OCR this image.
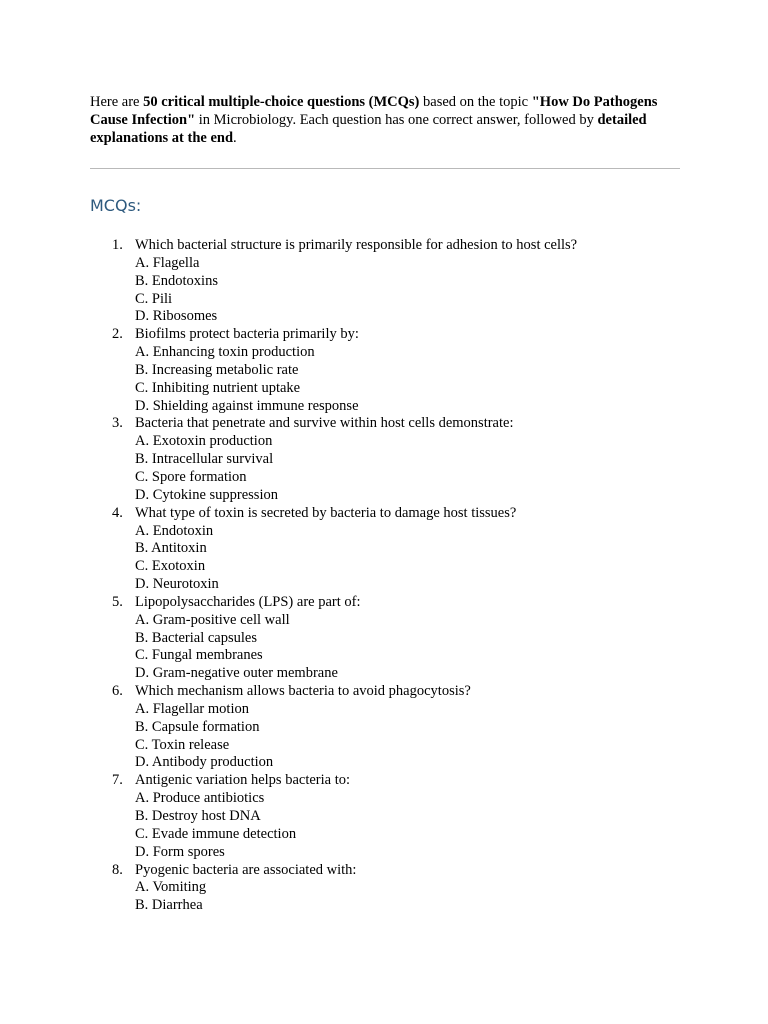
Here are 50 critical multiple-choice questions (MCQs) based on the topic "How Do Pathogens Cause Infection" in Microbiology. Each question has one correct answer, followed by detailed explanations at the end.

MCQs:
1. Which bacterial structure is primarily responsible for adhesion to host cells?
A. Flagella
B. Endotoxins
C. Pili
D. Ribosomes
2. Biofilms protect bacteria primarily by:
A. Enhancing toxin production
B. Increasing metabolic rate
C. Inhibiting nutrient uptake
D. Shielding against immune response
3. Bacteria that penetrate and survive within host cells demonstrate:
A. Exotoxin production
B. Intracellular survival
C. Spore formation
D. Cytokine suppression
4. What type of toxin is secreted by bacteria to damage host tissues?
A. Endotoxin
B. Antitoxin
C. Exotoxin
D. Neurotoxin
5. Lipopolysaccharides (LPS) are part of:
A. Gram-positive cell wall
B. Bacterial capsules
C. Fungal membranes
D. Gram-negative outer membrane
6. Which mechanism allows bacteria to avoid phagocytosis?
A. Flagellar motion
B. Capsule formation
C. Toxin release
D. Antibody production
7. Antigenic variation helps bacteria to:
A. Produce antibiotics
B. Destroy host DNA
C. Evade immune detection
D. Form spores
8. Pyogenic bacteria are associated with:
A. Vomiting
B. Diarrhea
